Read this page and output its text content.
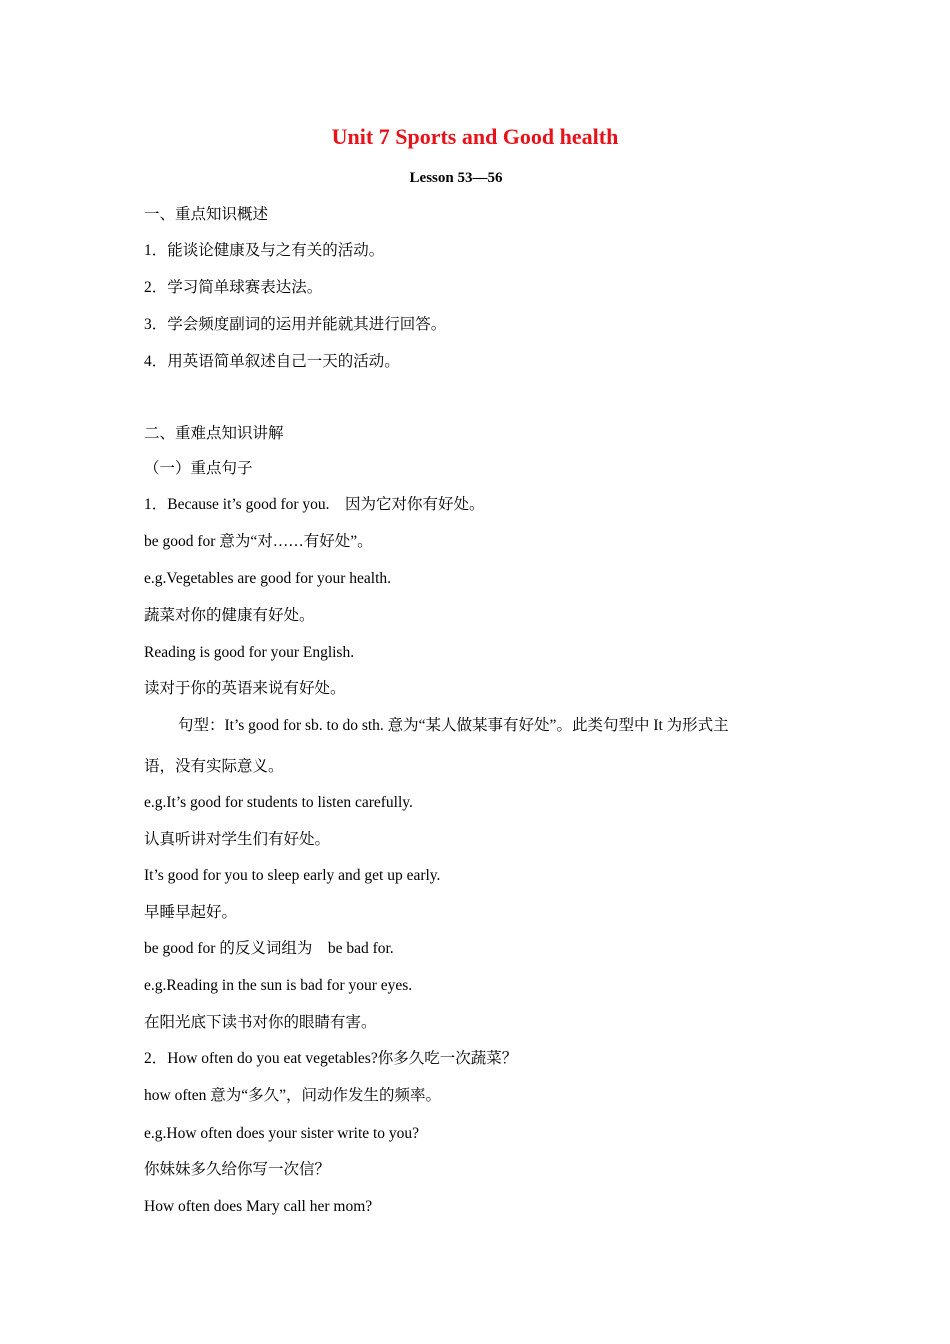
Unit 7 Sports and Good health
Lesson 53—56
一、重点知识概述
1．能谈论健康及与之有关的活动。
2．学习简单球赛表达法。
3．学会频度副词的运用并能就其进行回答。
4．用英语简单叙述自己一天的活动。
二、重难点知识讲解
（一）重点句子
1．Because it’s good for you.　因为它对你有好处。
be good for 意为“对……有好处”。
e.g.Vegetables are good for your health.
蔬菜对你的健康有好处。
Reading is good for your English.
读对于你的英语来说有好处。
句型：It’s good for sb. to do sth. 意为“某人做某事有好处”。此类句型中 It 为形式主
语，没有实际意义。
e.g.It’s good for students to listen carefully.
认真听讲对学生们有好处。
It’s good for you to sleep early and get up early.
早睡早起好。
be good for 的反义词组为　be bad for.
e.g.Reading in the sun is bad for your eyes.
在阳光底下读书对你的眼睛有害。
2．How often do you eat vegetables?你多久吃一次蔬菜？
how often 意为“多久”，问动作发生的频率。
e.g.How often does your sister write to you?
你妹妹多久给你写一次信？
How often does Mary call her mom?
